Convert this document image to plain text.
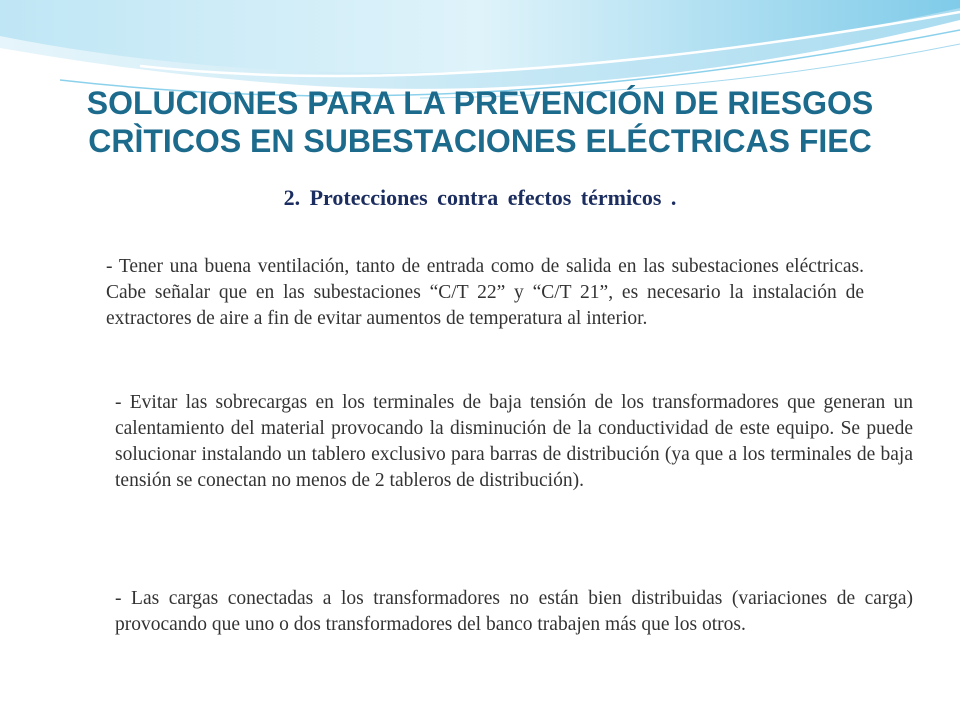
SOLUCIONES PARA LA PREVENCIÓN DE RIESGOS CRÌTICOS EN SUBESTACIONES ELÉCTRICAS FIEC
2. Protecciones contra efectos térmicos .

- Tener una buena ventilación, tanto de entrada como de salida en las subestaciones eléctricas. Cabe señalar que en las subestaciones “C/T 22” y “C/T 21”, es necesario la instalación de extractores de aire a fin de evitar aumentos de temperatura al interior.

- Evitar las sobrecargas en los terminales de baja tensión de los transformadores que generan un calentamiento del material provocando la disminución de la conductividad de este equipo. Se puede solucionar instalando un tablero exclusivo para barras de distribución (ya que a los terminales de baja tensión se conectan no menos de 2 tableros de distribución).

- Las cargas conectadas a los transformadores no están bien distribuidas (variaciones de carga) provocando que uno o dos transformadores del banco trabajen más que los otros.
